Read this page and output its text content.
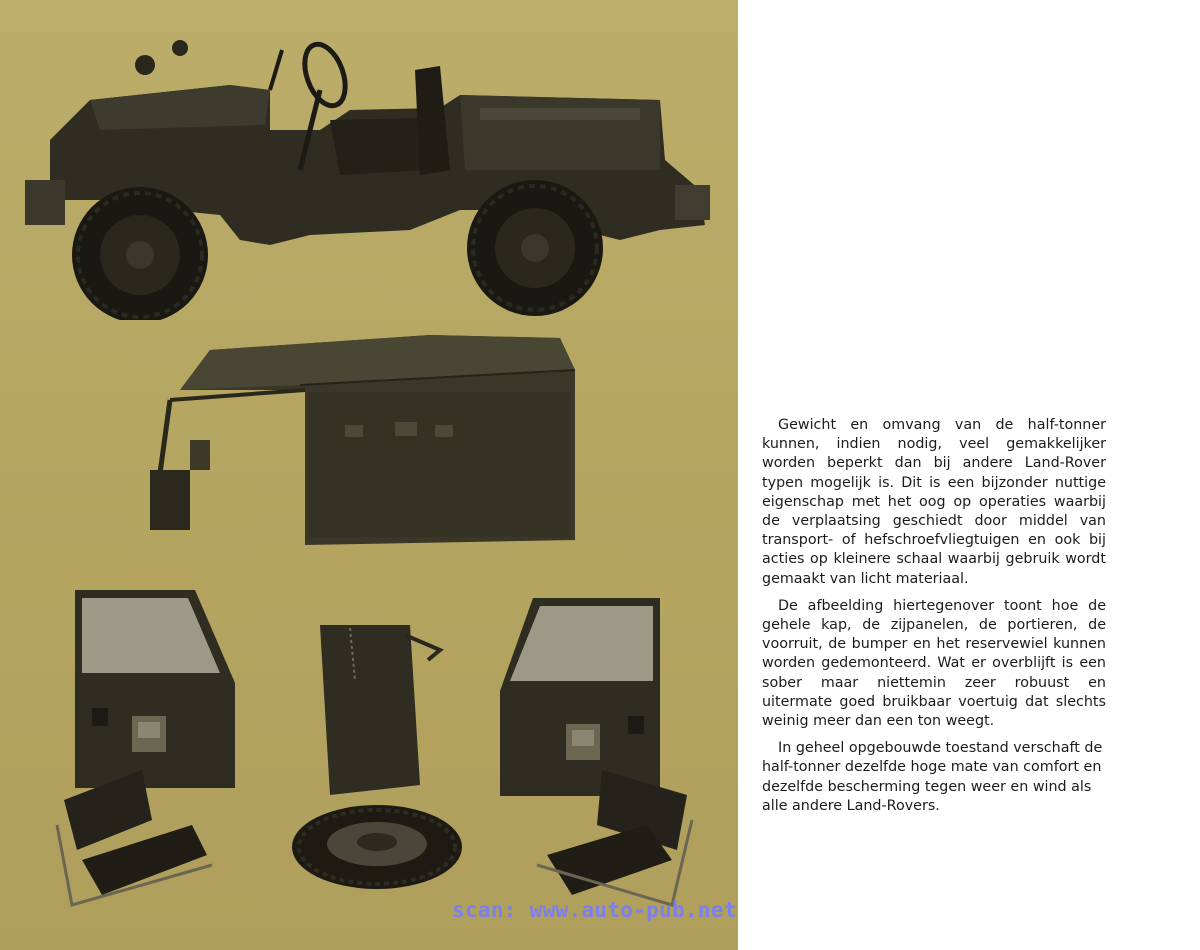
Gewicht en omvang van de half-tonner kunnen, indien nodig, veel gemakkelijker worden beperkt dan bij andere Land-Rover typen mogelijk is. Dit is een bijzonder nuttige eigenschap met het oog op operaties waarbij de verplaatsing geschiedt door middel van transport- of hefschroefvliegtuigen en ook bij acties op kleinere schaal waarbij gebruik wordt gemaakt van licht materiaal.

De afbeelding hiertegenover toont hoe de gehele kap, de zijpanelen, de portieren, de voorruit, de bumper en het reservewiel kunnen worden gedemonteerd. Wat er overblijft is een sober maar niettemin zeer robuust en uitermate goed bruikbaar voertuig dat slechts weinig meer dan een ton weegt.

In geheel opgebouwde toestand verschaft de half-tonner dezelfde hoge mate van comfort en dezelfde bescherming tegen weer en wind als alle andere Land-Rovers.

scan: www.auto-pub.net
